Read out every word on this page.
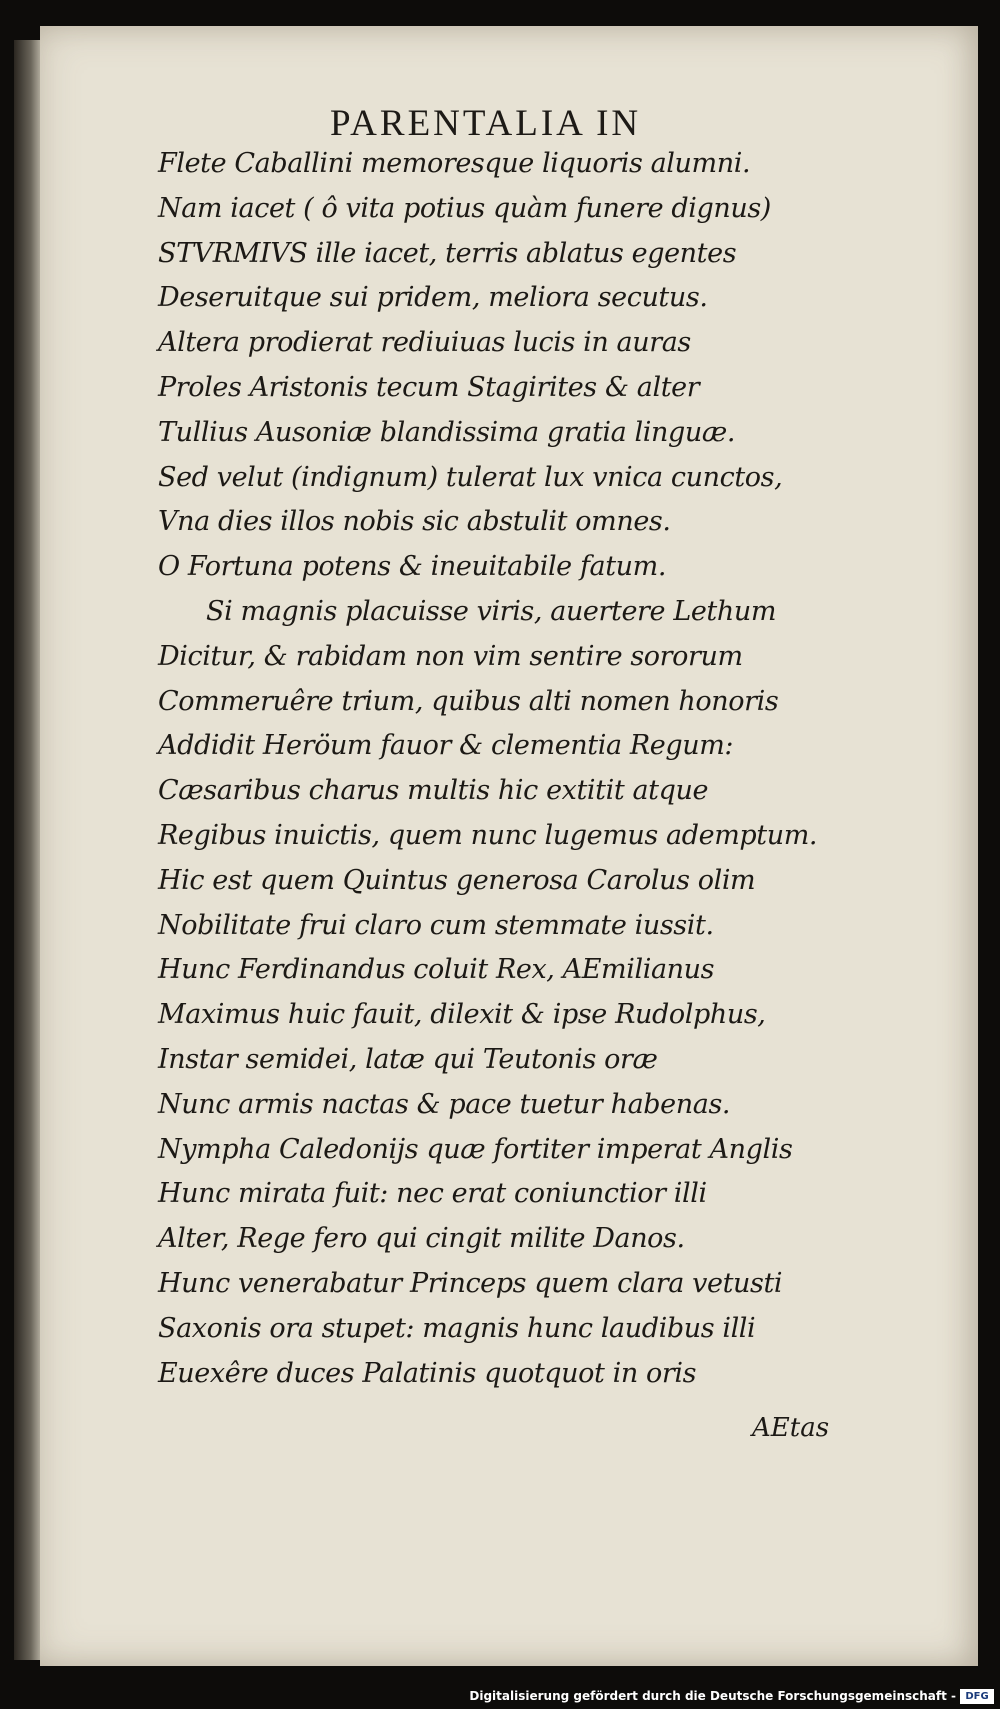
PARENTALIA IN
Flete Caballini memoresque liquoris alumni.
Nam iacet ( ô vita potius quàm funere dignus)
STVRMIVS ille iacet, terris ablatus egentes
Deseruitque sui pridem, meliora secutus.
Altera prodierat rediuiuas lucis in auras
Proles Aristonis tecum Stagirites & alter
Tullius Ausoniæ blandissima gratia linguæ.
Sed velut (indignum) tulerat lux vnica cunctos,
Vna dies illos nobis sic abstulit omnes.
O Fortuna potens & ineuitabile fatum.
Si magnis placuisse viris, auertere Lethum
Dicitur, & rabidam non vim sentire sororum
Commeruêre trium, quibus alti nomen honoris
Addidit Heröum fauor & clementia Regum:
Cæsaribus charus multis hic extitit atque
Regibus inuictis, quem nunc lugemus ademptum.
Hic est quem Quintus generosa Carolus olim
Nobilitate frui claro cum stemmate iussit.
Hunc Ferdinandus coluit Rex, AEmilianus
Maximus huic fauit, dilexit & ipse Rudolphus,
Instar semidei, latæ qui Teutonis oræ
Nunc armis nactas & pace tuetur habenas.
Nympha Caledonijs quæ fortiter imperat Anglis
Hunc mirata fuit: nec erat coniunctior illi
Alter, Rege fero qui cingit milite Danos.
Hunc venerabatur Princeps quem clara vetusti
Saxonis ora stupet: magnis hunc laudibus illi
Euexêre duces Palatinis quotquot in oris
AEtas
Digitalisierung gefördert durch die Deutsche Forschungsgemeinschaft - DFG
